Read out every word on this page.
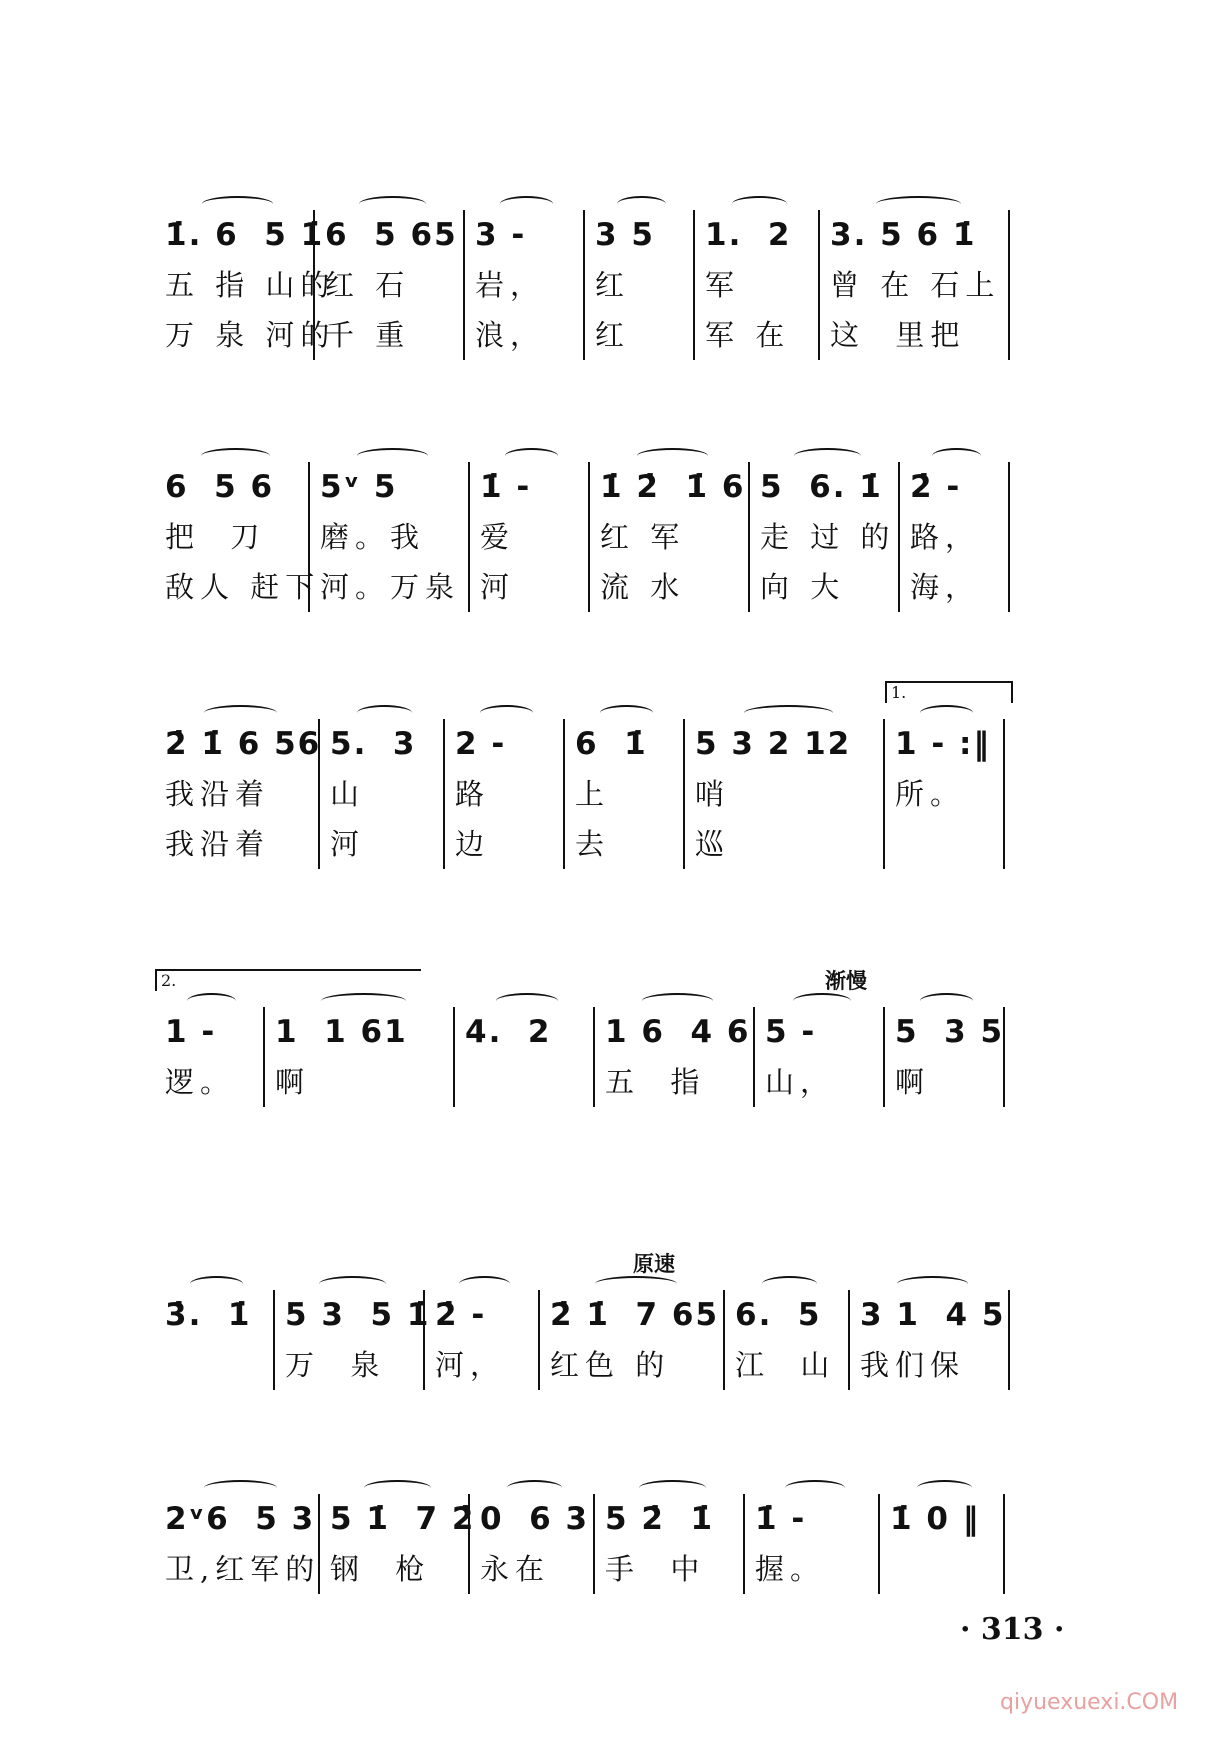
1̇. 6  5 1̇
五 指 山的
万 泉 河的
6  5 65
红 石
千 重
3 -
岩，
浪，
3 5
红
红
1.  2
军
军 在
3. 5 6 1̇
曾 在 石上
这  里把
6  5 6
把  刀
敌人 赶下
5ᵛ 5
磨。我
河。万泉
1̇ -
爱
河
1̇ 2̇  1̇ 6
红 军
流 水
5  6. 1̇
走 过 的
向 大
2̇ -
路，
海，
2̇ 1̇ 6 56
我沿着
我沿着
5.  3
山
河
2 -
路
边
6  1̇
上
去
5 3 2 12
哨
巡
1.
1 - :‖
所。
渐慢
2.
1 -
逻。
1  1 61
啊
4.  2	1 6  4 6
五  指
5 -
山，
5  3 5
啊
原速
3̇.  1̇	5 3  5 1̇
万  泉
2̇ -
河，
2̇ 1̇  7 65
红色 的
6.  5
江  山
3 1  4 5
我们保
2ᵛ6  5 3
卫,红军的
5 1̇  7 2̇
钢  枪
0  6 3
永在
5 2̇  1̇
手  中
1̇ -
握。
1̇ 0 ‖
· 313 ·
qiyuexuexi.COM
